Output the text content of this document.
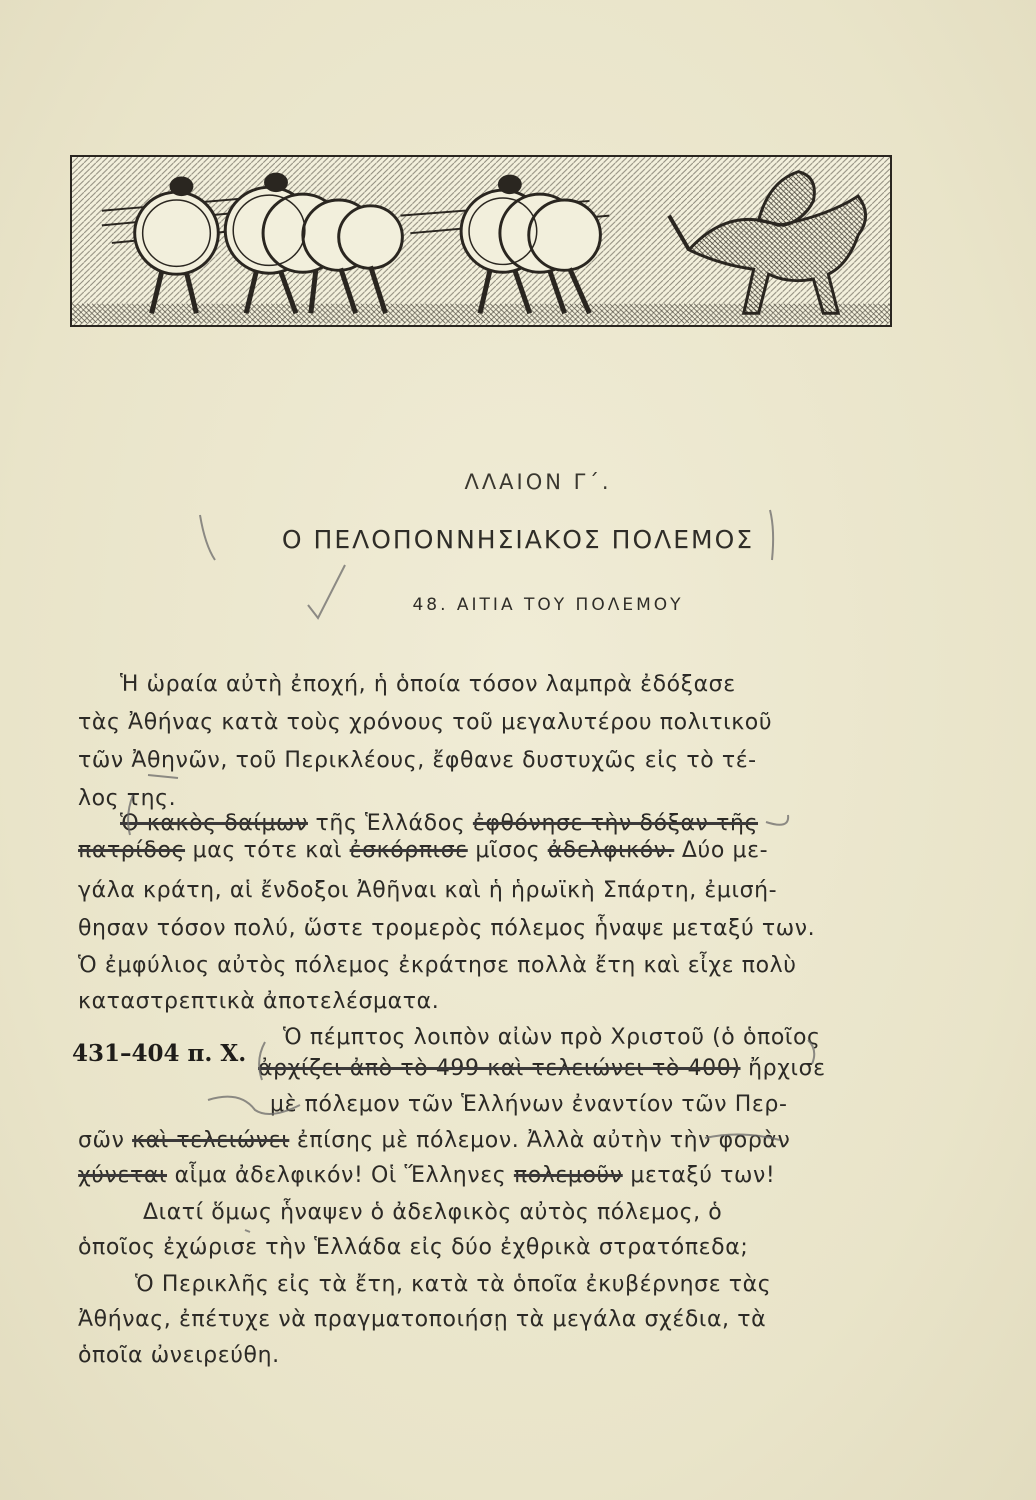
ΛΛΑΙΟΝ Γ΄.
Ο ΠΕΛΟΠΟΝΝΗΣΙΑΚΟΣ ΠΟΛΕΜΟΣ
48. ΑΙΤΙΑ ΤΟΥ ΠΟΛΕΜΟΥ
431–404 π. Χ.
Ἡ ὡραία αὐτὴ ἐποχή, ἡ ὁποία τόσον λαμπρὰ ἐδόξασε
τὰς Ἀθήνας κατὰ τοὺς χρόνους τοῦ μεγαλυτέρου πολιτικοῦ
τῶν Ἀθηνῶν, τοῦ Περικλέους, ἔφθανε δυστυχῶς εἰς τὸ τέ-
λος της.
Ὁ κακὸς δαίμων τῆς Ἑλλάδος ἐφθόνησε τὴν δόξαν τῆς
πατρίδος μας τότε καὶ ἐσκόρπισε μῖσος ἀδελφικόν. Δύο με-
γάλα κράτη, αἱ ἔνδοξοι Ἀθῆναι καὶ ἡ ἡρωϊκὴ Σπάρτη, ἐμισή-
θησαν τόσον πολύ, ὥστε τρομερὸς πόλεμος ἧναψε μεταξύ των.
Ὁ ἐμφύλιος αὐτὸς πόλεμος ἐκράτησε πολλὰ ἔτη καὶ εἶχε πολὺ
καταστρεπτικὰ ἀποτελέσματα.
Ὁ πέμπτος λοιπὸν αἰὼν πρὸ Χριστοῦ (ὁ ὁποῖος
ἀρχίζει ἀπὸ τὸ 499 καὶ τελειώνει τὸ 400) ἤρχισε
μὲ πόλεμον τῶν Ἑλλήνων ἐναντίον τῶν Περ-
σῶν καὶ τελειώνει ἐπίσης μὲ πόλεμον. Ἀλλὰ αὐτὴν τὴν φορὰν
χύνεται αἷμα ἀδελφικόν! Οἱ Ἕλληνες πολεμοῦν μεταξύ των!
Διατί ὅμως ἧναψεν ὁ ἀδελφικὸς αὐτὸς πόλεμος, ὁ
ὁποῖος ἐχώρισε τὴν Ἑλλάδα εἰς δύο ἐχθρικὰ στρατόπεδα;
Ὁ Περικλῆς εἰς τὰ ἔτη, κατὰ τὰ ὁποῖα ἐκυβέρνησε τὰς
Ἀθήνας, ἐπέτυχε νὰ πραγματοποιήσῃ τὰ μεγάλα σχέδια, τὰ
ὁποῖα ὠνειρεύθη.
